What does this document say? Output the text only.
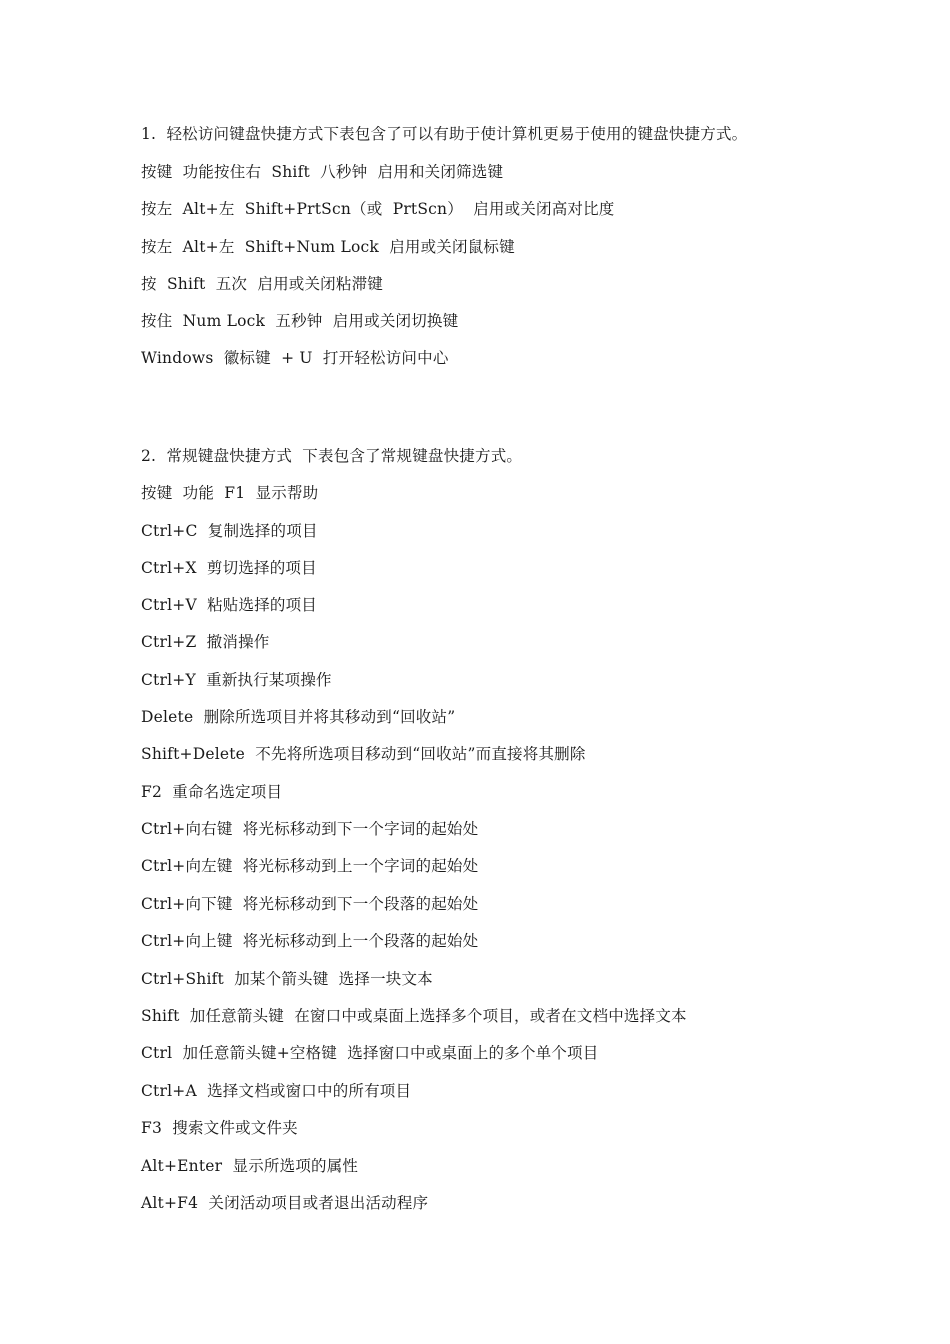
1.  轻松访问键盘快捷方式下表包含了可以有助于使计算机更易于使用的键盘快捷方式。
按键  功能按住右  Shift  八秒钟  启用和关闭筛选键
按左  Alt+左  Shift+PrtScn（或  PrtScn）  启用或关闭高对比度
按左  Alt+左  Shift+Num Lock  启用或关闭鼠标键
按  Shift  五次  启用或关闭粘滞键
按住  Num Lock  五秒钟  启用或关闭切换键
Windows  徽标键  + U  打开轻松访问中心
2.  常规键盘快捷方式  下表包含了常规键盘快捷方式。
按键  功能  F1  显示帮助
Ctrl+C  复制选择的项目
Ctrl+X  剪切选择的项目
Ctrl+V  粘贴选择的项目
Ctrl+Z  撤消操作
Ctrl+Y  重新执行某项操作
Delete  删除所选项目并将其移动到“回收站”
Shift+Delete  不先将所选项目移动到“回收站”而直接将其删除
F2  重命名选定项目
Ctrl+向右键  将光标移动到下一个字词的起始处
Ctrl+向左键  将光标移动到上一个字词的起始处
Ctrl+向下键  将光标移动到下一个段落的起始处
Ctrl+向上键  将光标移动到上一个段落的起始处
Ctrl+Shift  加某个箭头键  选择一块文本
Shift  加任意箭头键  在窗口中或桌面上选择多个项目，或者在文档中选择文本
Ctrl  加任意箭头键+空格键  选择窗口中或桌面上的多个单个项目
Ctrl+A  选择文档或窗口中的所有项目
F3  搜索文件或文件夹
Alt+Enter  显示所选项的属性
Alt+F4  关闭活动项目或者退出活动程序
